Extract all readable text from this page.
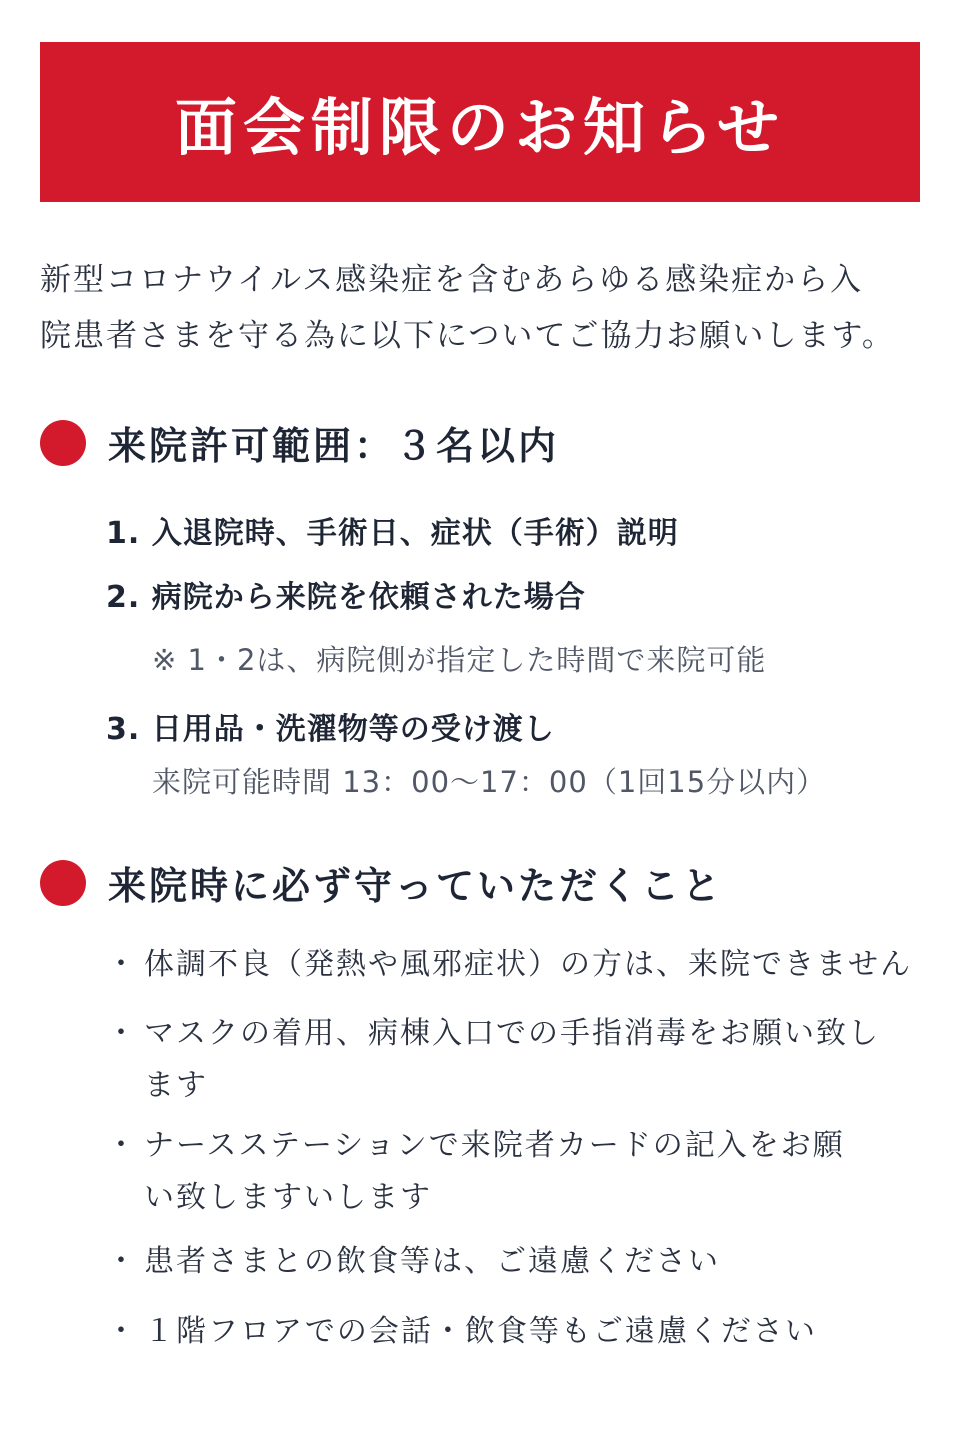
面会制限のお知らせ

新型コロナウイルス感染症を含むあらゆる感染症から入

院患者さまを守る為に以下についてご協力お願いします。

来院許可範囲：３名以内
1. 入退院時、手術日、症状（手術）説明
2. 病院から来院を依頼された場合
※ 1・2は、病院側が指定した時間で来院可能
3. 日用品・洗濯物等の受け渡し
来院可能時間 13：00～17：00（1回15分以内）
来院時に必ず守っていただくこと
・ 体調不良（発熱や風邪症状）の方は、来院できません
・ マスクの着用、病棟入口での手指消毒をお願い致し
ます
・ ナースステーションで来院者カードの記入をお願
い致しますいします
・ 患者さまとの飲食等は、ご遠慮ください
・ １階フロアでの会話・飲食等もご遠慮ください
